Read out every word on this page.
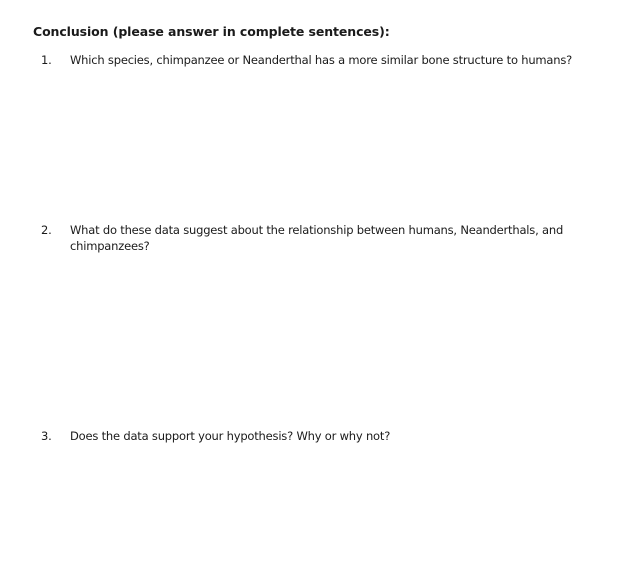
Conclusion (please answer in complete sentences):
1.	Which species, chimpanzee or Neanderthal has a more similar bone structure to humans?
2.	What do these data suggest about the relationship between humans, Neanderthals, and chimpanzees?
3.	Does the data support your hypothesis? Why or why not?
